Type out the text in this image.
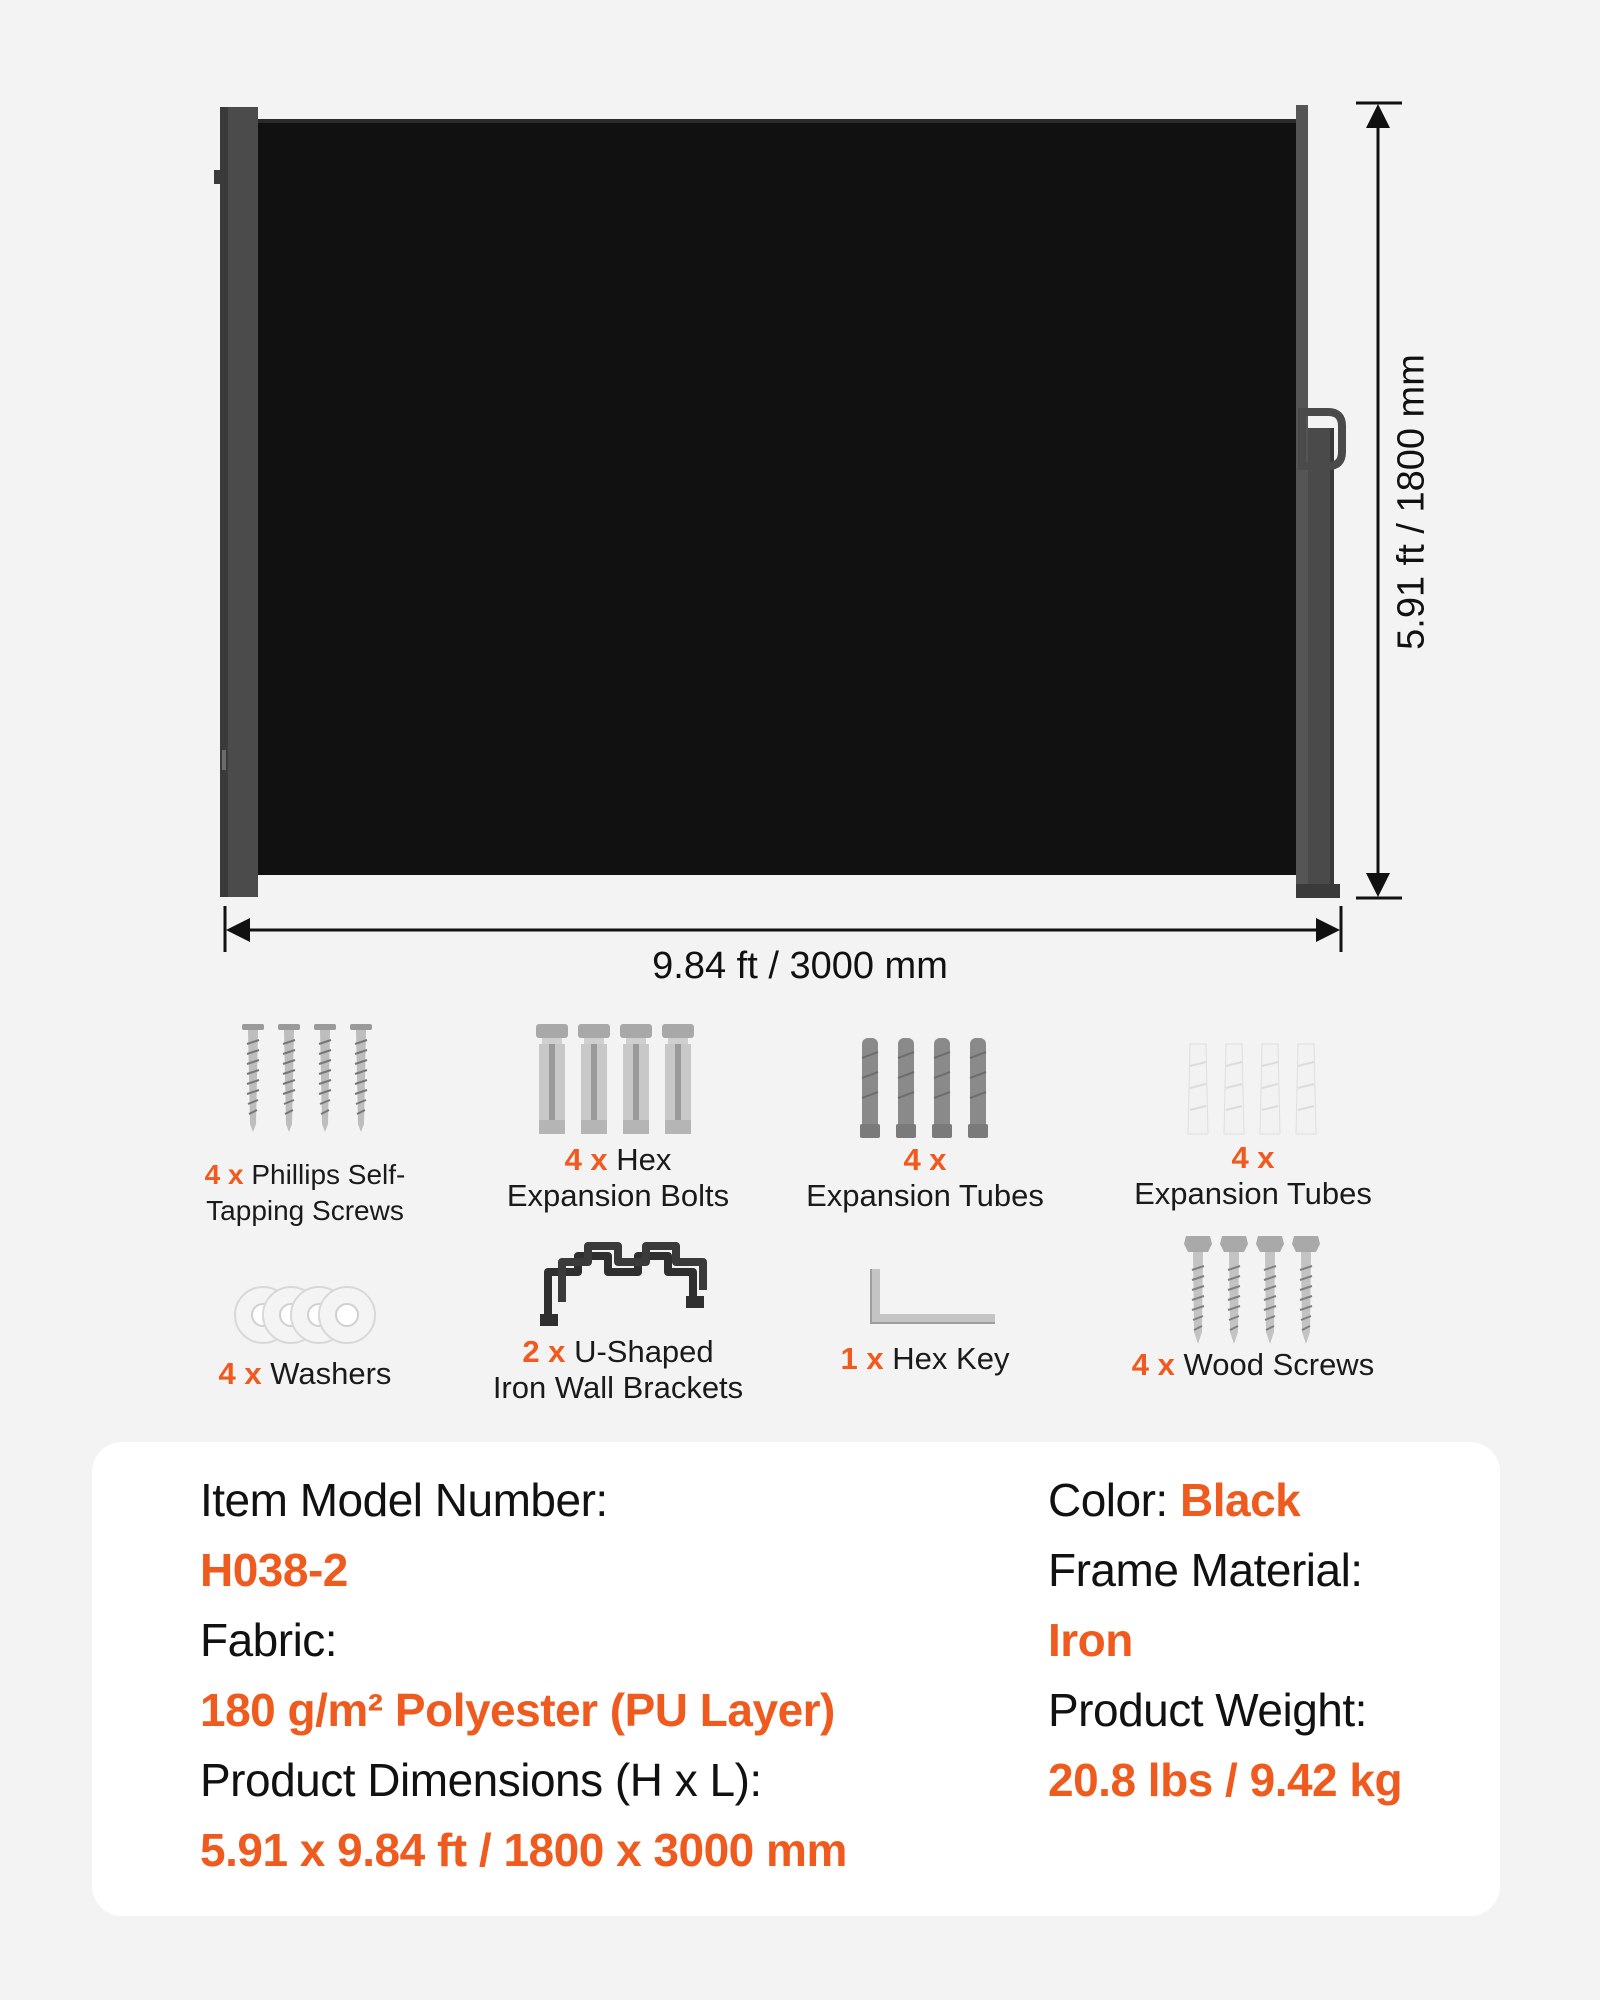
9.84 ft / 3000 mm
5.91 ft / 1800 mm
4 x Phillips Self-
Tapping Screws
4 x Hex
Expansion Bolts
4 x
Expansion Tubes
4 x
Expansion Tubes
4 x Washers
2 x U-Shaped
Iron Wall Brackets
1 x Hex Key	4 x Wood Screws
Item Model Number:
H038-2
Fabric:
180 g/m² Polyester (PU Layer)
Product Dimensions (H x L):
5.91 x 9.84 ft / 1800 x 3000 mm
Color: Black
Frame Material:
Iron
Product Weight:
20.8 lbs / 9.42 kg
